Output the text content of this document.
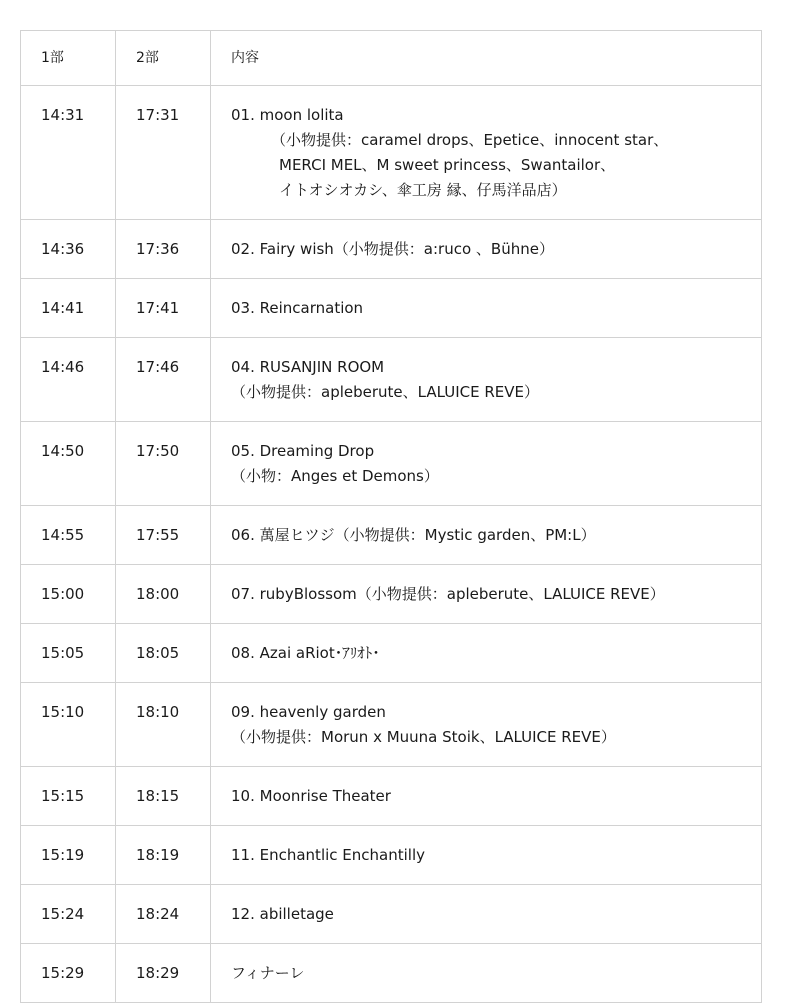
1部	2部	内容
14:31	17:31	01. moon lolita
（小物提供：caramel drops、Epetice、innocent star、
MERCI MEL、M sweet princess、Swantailor、
イトオシオカシ、傘工房 縁、仔馬洋品店）

14:36	17:36	02. Fairy wish（小物提供：a:ruco 、Bühne）

14:41	17:41	03. Reincarnation

14:46	17:46	04. RUSANJIN ROOM
（小物提供：apleberute、LALUICE REVE）

14:50	17:50	05. Dreaming Drop
（小物：Anges et Demons）

14:55	17:55	06. 萬屋ヒツジ（小物提供：Mystic garden、PM:L）

15:00	18:00	07. rubyBlossom（小物提供：apleberute、LALUICE REVE）

15:05	18:05	08. Azai aRiot･ｱﾘｵﾄ･

15:10	18:10	09. heavenly garden
（小物提供：Morun x Muuna Stoik、LALUICE REVE）

15:15	18:15	10. Moonrise Theater

15:19	18:19	11. Enchantlic Enchantilly

15:24	18:24	12. abilletage

15:29	18:29	フィナーレ
